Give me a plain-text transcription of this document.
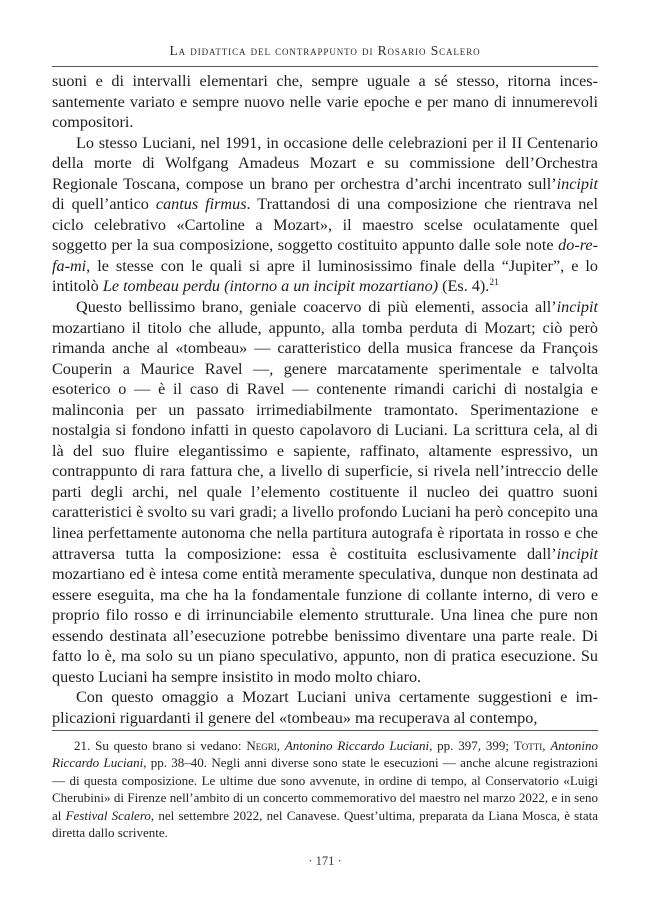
La didattica del contrappunto di Rosario Scalero

suoni e di intervalli elementari che, sempre uguale a sé stesso, ritorna incessantemente variato e sempre nuovo nelle varie epoche e per mano di innumerevoli compositori.

Lo stesso Luciani, nel 1991, in occasione delle celebrazioni per il II Centenario della morte di Wolfgang Amadeus Mozart e su commissione dell’Orchestra Regionale Toscana, compose un brano per orchestra d’archi incentrato sull’incipit di quell’antico cantus firmus. Trattandosi di una composizione che rientrava nel ciclo celebrativo «Cartoline a Mozart», il maestro scelse oculatamente quel soggetto per la sua composizione, soggetto costituito appunto dalle sole note do-re-fa-mi, le stesse con le quali si apre il luminosissimo finale della “Jupiter”, e lo intitolò Le tombeau perdu (intorno a un incipit mozartiano) (Es. 4).$^{21}$

Questo bellissimo brano, geniale coacervo di più elementi, associa all’incipit mozartiano il titolo che allude, appunto, alla tomba perduta di Mozart; ciò però rimanda anche al «tombeau» — caratteristico della musica francese da François Couperin a Maurice Ravel —, genere marcatamente sperimentale e talvolta esoterico o — è il caso di Ravel — contenente rimandi carichi di nostalgia e malinconia per un passato irrimediabilmente tramontato. Sperimentazione e nostalgia si fondono infatti in questo capolavoro di Luciani. La scrittura cela, al di là del suo fluire elegantissimo e sapiente, raffinato, altamente espressivo, un contrappunto di rara fattura che, a livello di superficie, si rivela nell’intreccio delle parti degli archi, nel quale l’elemento costituente il nucleo dei quattro suoni caratteristici è svolto su vari gradi; a livello profondo Luciani ha però concepito una linea perfettamente autonoma che nella partitura autografa è riportata in rosso e che attraversa tutta la composizione: essa è costituita esclusivamente dall’incipit mozartiano ed è intesa come entità meramente speculativa, dunque non destinata ad essere eseguita, ma che ha la fondamentale funzione di collante interno, di vero e proprio filo rosso e di irrinunciabile elemento strutturale. Una linea che pure non essendo destinata all’esecuzione potrebbe benissimo diventare una parte reale. Di fatto lo è, ma solo su un piano speculativo, appunto, non di pratica esecuzione. Su questo Luciani ha sempre insistito in modo molto chiaro.

Con questo omaggio a Mozart Luciani univa certamente suggestioni e implicazioni riguardanti il genere del «tombeau» ma recuperava al contempo,

21. Su questo brano si vedano: Negri, Antonino Riccardo Luciani, pp. 397, 399; Totti, Antonino Riccardo Luciani, pp. 38–40. Negli anni diverse sono state le esecuzioni — anche alcune registrazioni — di questa composizione. Le ultime due sono avvenute, in ordine di tempo, al Conservatorio «Luigi Cherubini» di Firenze nell’ambito di un concerto commemorativo del maestro nel marzo 2022, e in seno al Festival Scalero, nel settembre 2022, nel Canavese. Quest’ultima, preparata da Liana Mosca, è stata diretta dallo scrivente.
· 171 ·
